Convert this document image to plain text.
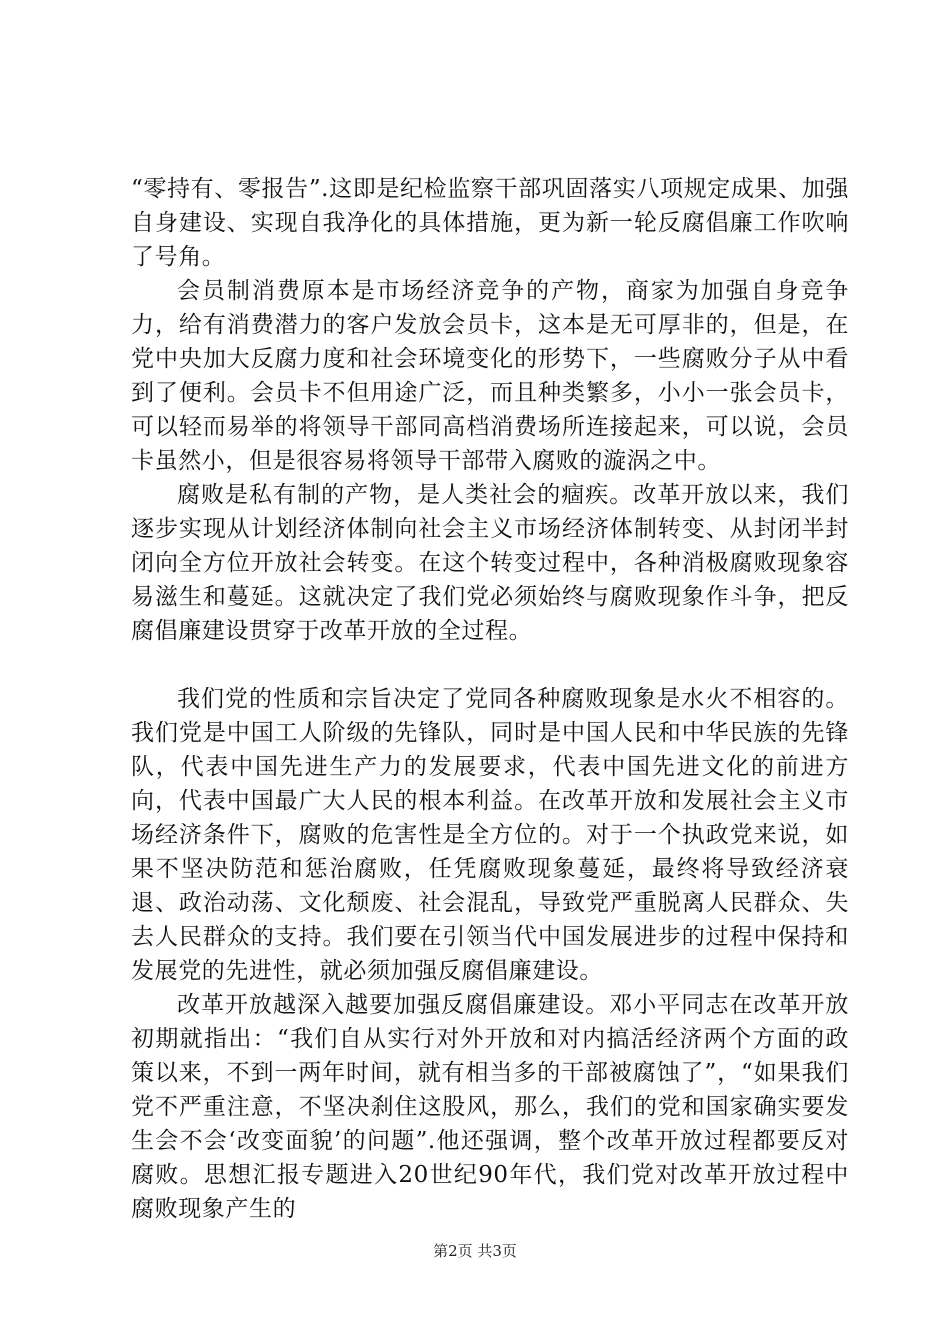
“零持有、零报告”.这即是纪检监察干部巩固落实八项规定成果、加强自身建设、实现自我净化的具体措施，更为新一轮反腐倡廉工作吹响了号角。

会员制消费原本是市场经济竞争的产物，商家为加强自身竞争力，给有消费潜力的客户发放会员卡，这本是无可厚非的，但是，在党中央加大反腐力度和社会环境变化的形势下，一些腐败分子从中看到了便利。会员卡不但用途广泛，而且种类繁多，小小一张会员卡，可以轻而易举的将领导干部同高档消费场所连接起来，可以说，会员卡虽然小，但是很容易将领导干部带入腐败的漩涡之中。

腐败是私有制的产物，是人类社会的痼疾。改革开放以来，我们逐步实现从计划经济体制向社会主义市场经济体制转变、从封闭半封闭向全方位开放社会转变。在这个转变过程中，各种消极腐败现象容易滋生和蔓延。这就决定了我们党必须始终与腐败现象作斗争，把反腐倡廉建设贯穿于改革开放的全过程。

我们党的性质和宗旨决定了党同各种腐败现象是水火不相容的。我们党是中国工人阶级的先锋队，同时是中国人民和中华民族的先锋队，代表中国先进生产力的发展要求，代表中国先进文化的前进方向，代表中国最广大人民的根本利益。在改革开放和发展社会主义市场经济条件下，腐败的危害性是全方位的。对于一个执政党来说，如果不坚决防范和惩治腐败，任凭腐败现象蔓延，最终将导致经济衰退、政治动荡、文化颓废、社会混乱，导致党严重脱离人民群众、失去人民群众的支持。我们要在引领当代中国发展进步的过程中保持和发展党的先进性，就必须加强反腐倡廉建设。

改革开放越深入越要加强反腐倡廉建设。邓小平同志在改革开放初期就指出：“我们自从实行对外开放和对内搞活经济两个方面的政策以来，不到一两年时间，就有相当多的干部被腐蚀了”，“如果我们党不严重注意，不坚决刹住这股风，那么，我们的党和国家确实要发生会不会‘改变面貌’的问题”.他还强调，整个改革开放过程都要反对腐败。思想汇报专题进入20世纪90年代，我们党对改革开放过程中腐败现象产生的

第2页 共3页
